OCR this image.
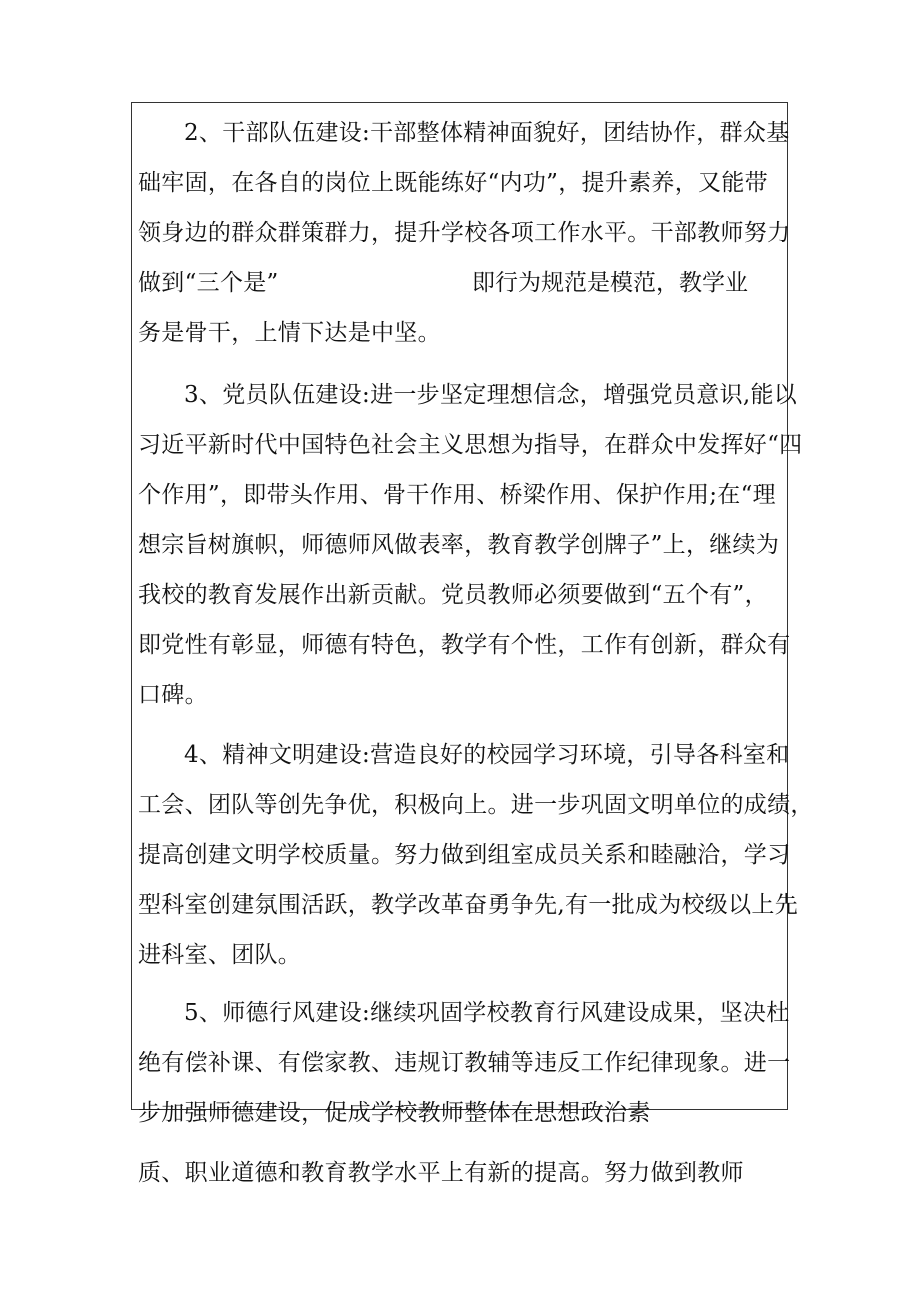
2、干部队伍建设:干部整体精神面貌好，团结协作，群众基
础牢固，在各自的岗位上既能练好“内功”，提升素养，又能带
领身边的群众群策群力，提升学校各项工作水平。干部教师努力
做到“三个是”	即行为规范是模范，教学业
务是骨干，上情下达是中坚。
3、党员队伍建设:进一步坚定理想信念，增强党员意识,能以
习近平新时代中国特色社会主义思想为指导，在群众中发挥好“四
个作用”，即带头作用、骨干作用、桥梁作用、保护作用;在“理
想宗旨树旗帜，师德师风做表率，教育教学创牌子”上，继续为
我校的教育发展作出新贡献。党员教师必须要做到“五个有”，
即党性有彰显，师德有特色，教学有个性，工作有创新，群众有
口碑。
4、精神文明建设:营造良好的校园学习环境，引导各科室和
工会、团队等创先争优，积极向上。进一步巩固文明单位的成绩，
提高创建文明学校质量。努力做到组室成员关系和睦融洽，学习
型科室创建氛围活跃，教学改革奋勇争先,有一批成为校级以上先
进科室、团队。
5、师德行风建设:继续巩固学校教育行风建设成果，坚决杜
绝有偿补课、有偿家教、违规订教辅等违反工作纪律现象。进一
步加强师德建设，促成学校教师整体在思想政治素
质、职业道德和教育教学水平上有新的提高。努力做到教师
